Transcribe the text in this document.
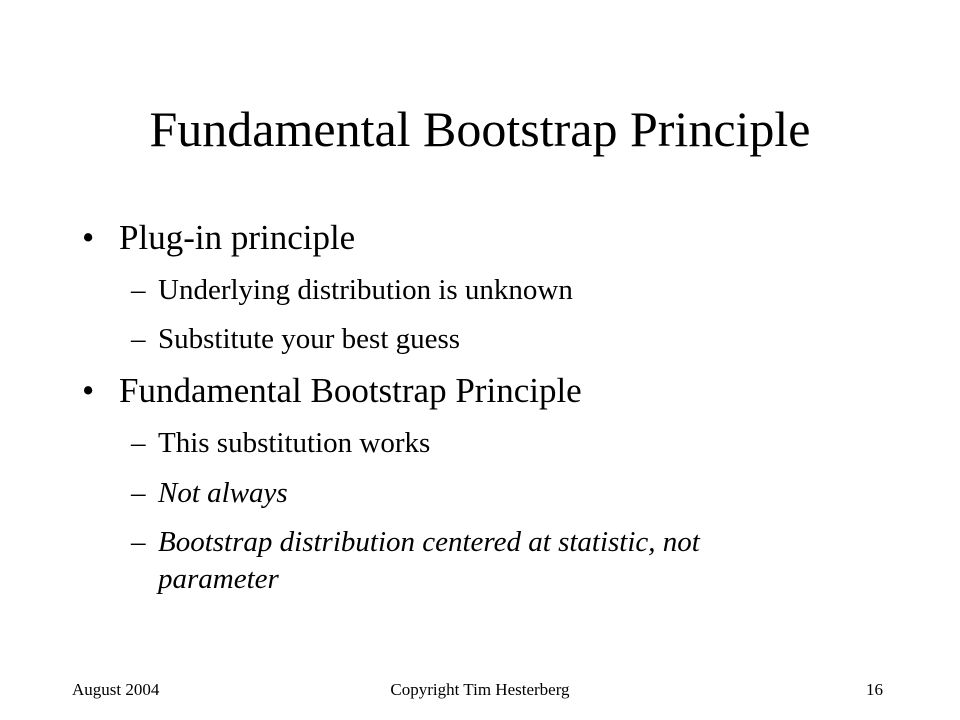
Fundamental Bootstrap Principle
• Plug-in principle
– Underlying distribution is unknown
– Substitute your best guess
• Fundamental Bootstrap Principle
– This substitution works
– Not always
– Bootstrap distribution centered at statistic, not
parameter
August 2004	Copyright Tim Hesterberg	16
